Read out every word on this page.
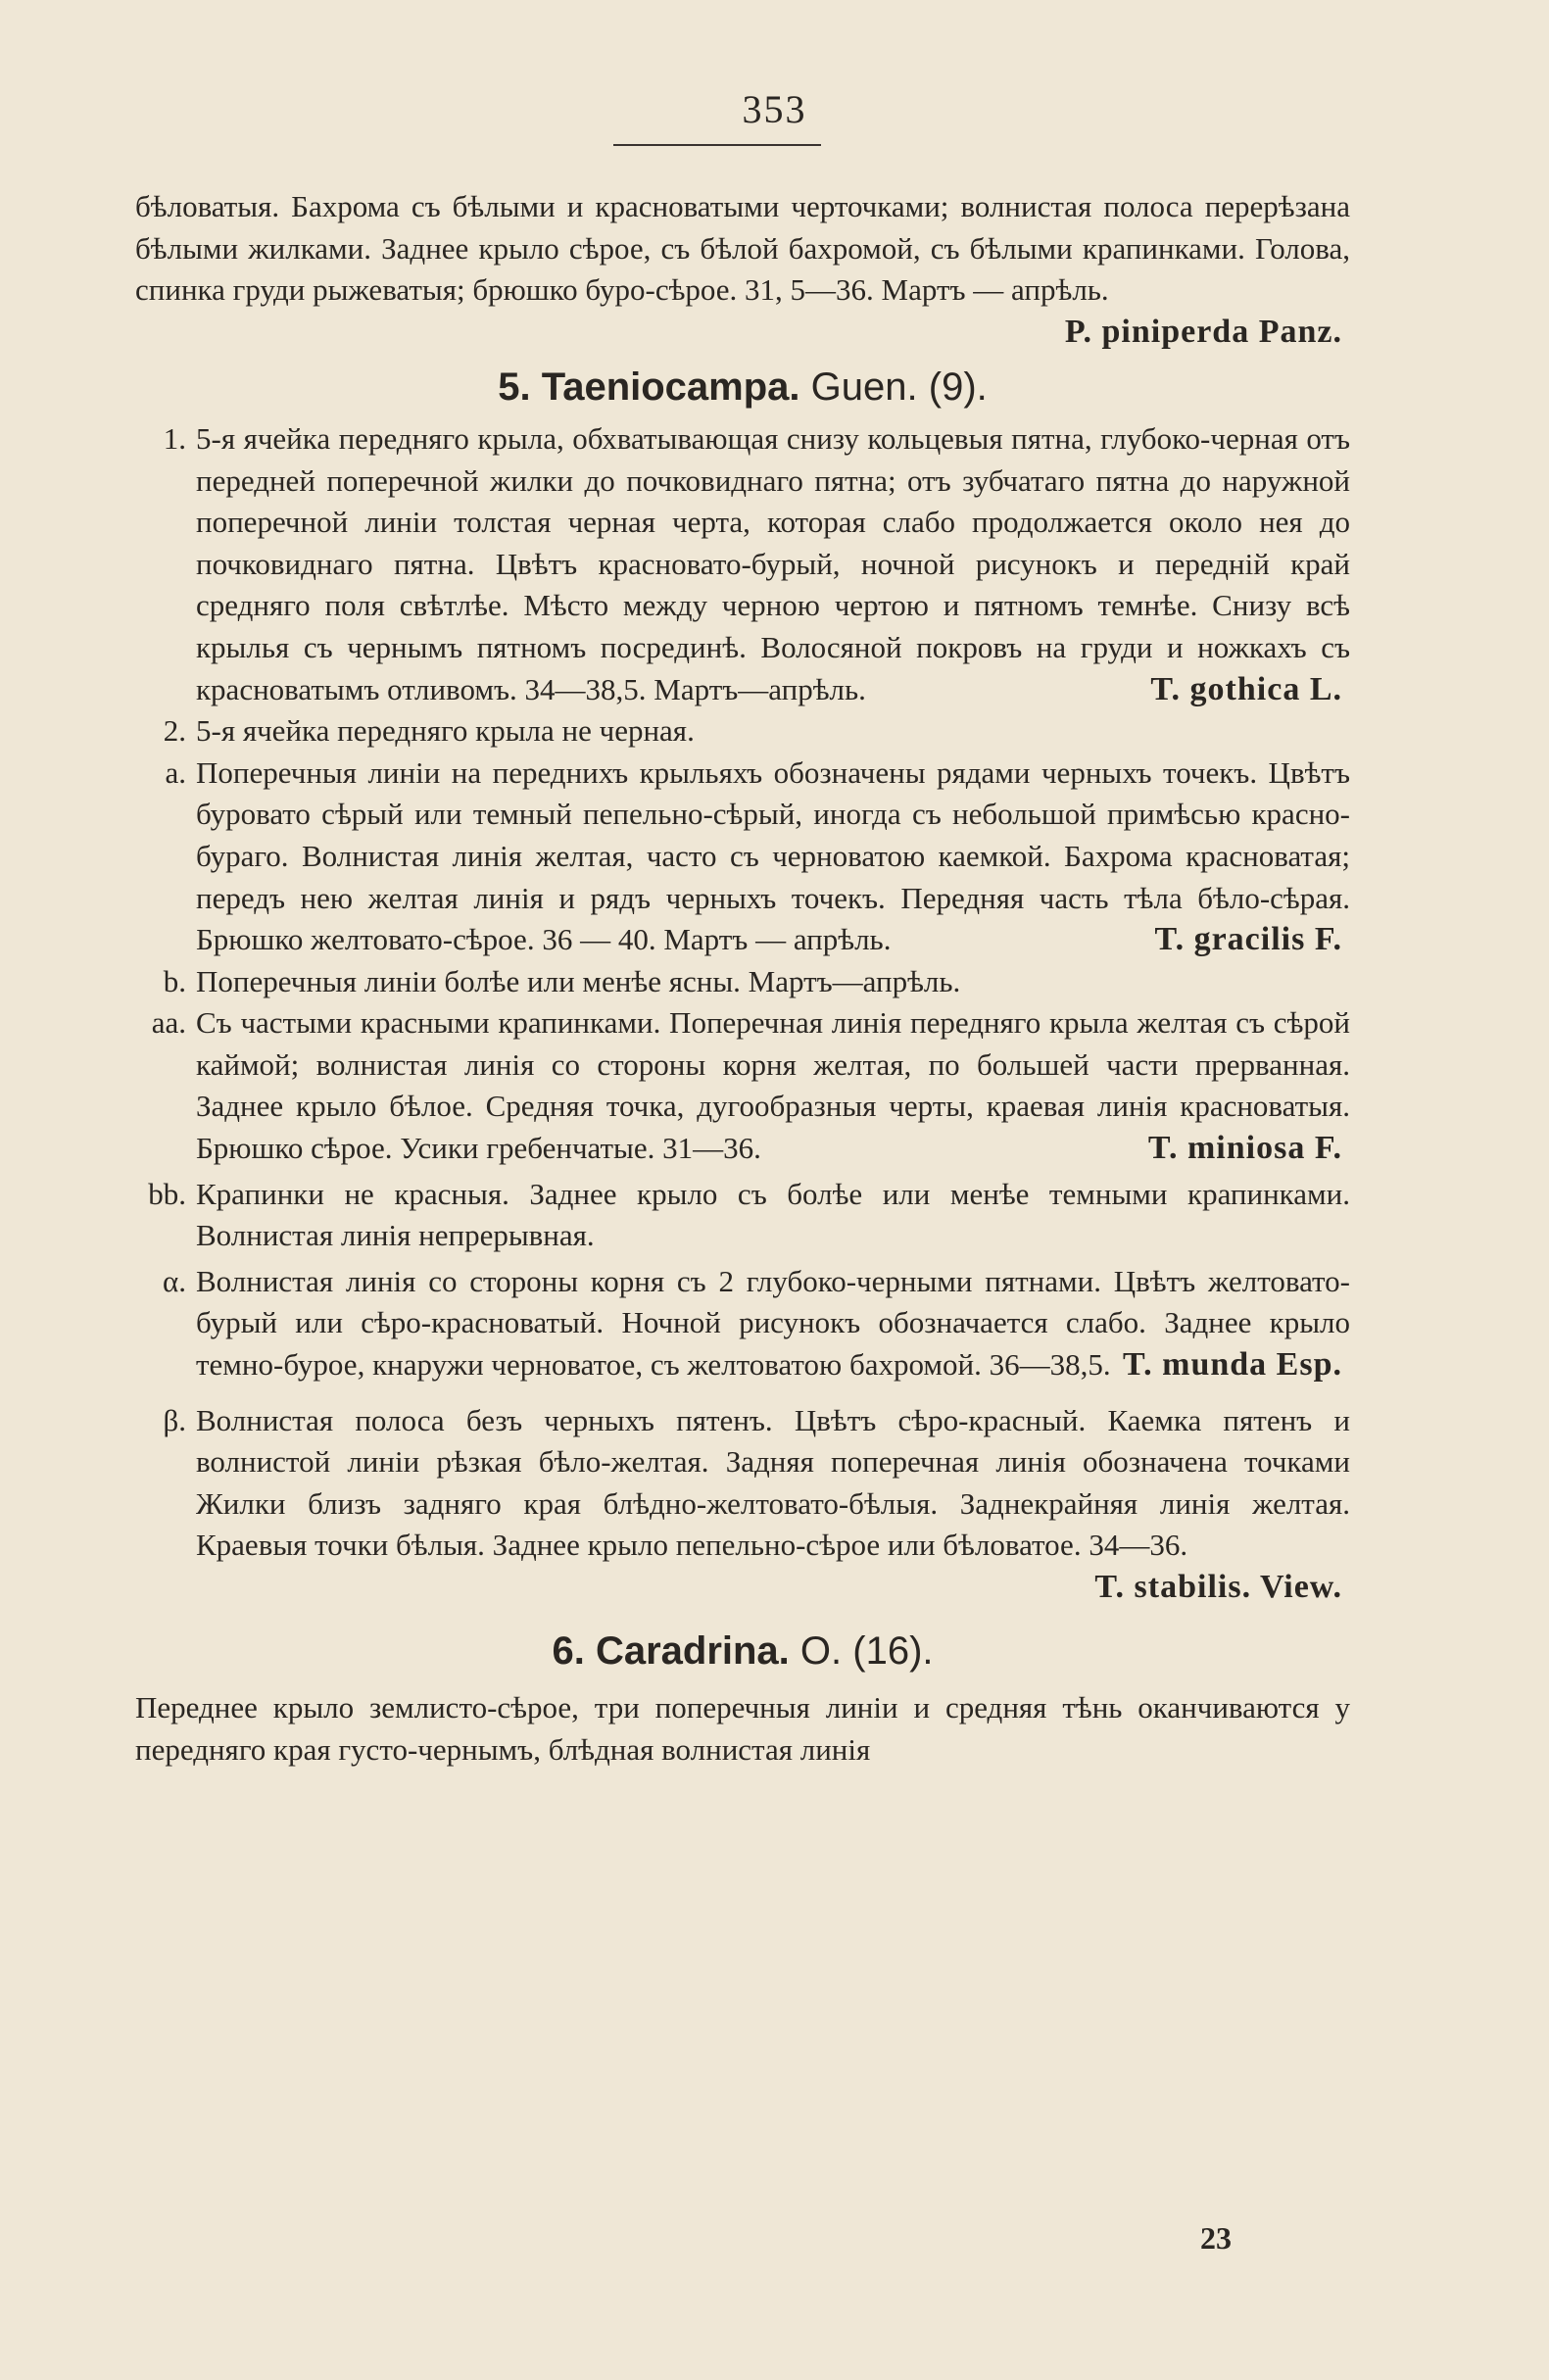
353

бѣловатыя. Бахрома съ бѣлыми и красноватыми черточками; волнистая полоса перерѣзана бѣлыми жилками. Заднее крыло сѣрое, съ бѣлой бахромой, съ бѣлыми крапинками. Голова, спинка груди рыжеватыя; брюшко буро-сѣрое. 31, 5—36. Мартъ — апрѣль.

P. piniperda Panz.

5. Taeniocampa. Guen. (9).

1. 5-я ячейка передняго крыла, обхватывающая снизу кольцевыя пятна, глубоко-черная отъ передней поперечной жилки до почковиднаго пятна; отъ зубчатаго пятна до наружной поперечной линіи толстая черная черта, которая слабо продолжается около нея до почковиднаго пятна. Цвѣтъ красновато-бурый, ночной рисунокъ и передній край средняго поля свѣтлѣе. Мѣсто между черною чертою и пятномъ темнѣе. Снизу всѣ крылья съ чернымъ пятномъ посрединѣ. Волосяной покровъ на груди и ножкахъ съ красноватымъ отливомъ. 34—38,5. Мартъ—апрѣль.	T. gothica L.

2. 5-я ячейка передняго крыла не черная.

a. Поперечныя линіи на переднихъ крыльяхъ обозначены рядами черныхъ точекъ. Цвѣтъ буровато сѣрый или темный пепельно-сѣрый, иногда съ небольшой примѣсью красно-бураго. Волнистая линія желтая, часто съ черноватою каемкой. Бахрома красноватая; передъ нею желтая линія и рядъ черныхъ точекъ. Передняя часть тѣла бѣло-сѣрая. Брюшко желтовато-сѣрое. 36 — 40. Мартъ — апрѣль.	T. gracilis F.

b. Поперечныя линіи болѣе или менѣе ясны. Мартъ—апрѣль.

aa. Съ частыми красными крапинками. Поперечная линія передняго крыла желтая съ сѣрой каймой; волнистая линія со стороны корня желтая, по большей части прерванная. Заднее крыло бѣлое. Средняя точка, дугообразныя черты, краевая линія красноватыя. Брюшко сѣрое. Усики гребенчатые. 31—36.	T. miniosa F.

bb. Крапинки не красныя. Заднее крыло съ болѣе или менѣе темными крапинками. Волнистая линія непрерывная.

α. Волнистая линія со стороны корня съ 2 глубоко-черными пятнами. Цвѣтъ желтовато-бурый или сѣро-красноватый. Ночной рисунокъ обозначается слабо. Заднее крыло темно-бурое, кнаружи черноватое, съ желтоватою бахромой. 36—38,5. T. munda Esp.

β. Волнистая полоса безъ черныхъ пятенъ. Цвѣтъ сѣро-красный. Каемка пятенъ и волнистой линіи рѣзкая бѣло-желтая. Задняя поперечная линія обозначена точками Жилки близъ задняго края блѣдно-желтовато-бѣлыя. Заднекрайняя линія желтая. Краевыя точки бѣлыя. Заднее крыло пепельно-сѣрое или бѣловатое. 34—36.
T. stabilis. View.

6. Caradrina. O. (16).

Переднее крыло землисто-сѣрое, три поперечныя линіи и средняя тѣнь оканчиваются у передняго края густо-чернымъ, блѣдная волнистая линія

23
